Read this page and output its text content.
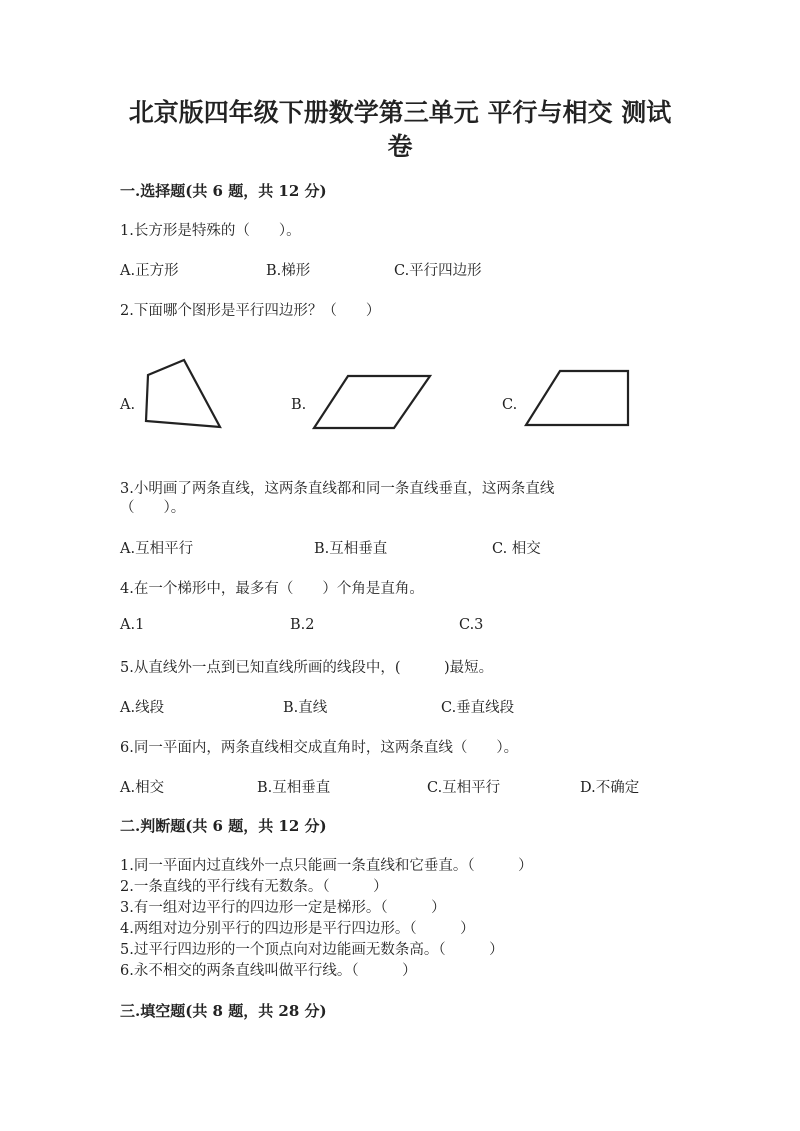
北京版四年级下册数学第三单元 平行与相交 测试
卷
一.选择题(共 6 题，共 12 分)
1.长方形是特殊的（　　）。
A.正方形	B.梯形	C.平行四边形
2.下面哪个图形是平行四边形？（　　）
A.	B.	C.
3.小明画了两条直线，这两条直线都和同一条直线垂直，这两条直线
（　　）。
A.互相平行	B.互相垂直	C. 相交
4.在一个梯形中，最多有（　　）个角是直角。
A.1	B.2	C.3
5.从直线外一点到已知直线所画的线段中，(　　　)最短。
A.线段	B.直线	C.垂直线段
6.同一平面内，两条直线相交成直角时，这两条直线（　　）。
A.相交	B.互相垂直	C.互相平行	D.不确定
二.判断题(共 6 题，共 12 分)
1.同一平面内过直线外一点只能画一条直线和它垂直。（　　　）
2.一条直线的平行线有无数条。（　　　）
3.有一组对边平行的四边形一定是梯形。（　　　）
4.两组对边分别平行的四边形是平行四边形。（　　　）
5.过平行四边形的一个顶点向对边能画无数条高。（　　　）
6.永不相交的两条直线叫做平行线。（　　　）
三.填空题(共 8 题，共 28 分)
